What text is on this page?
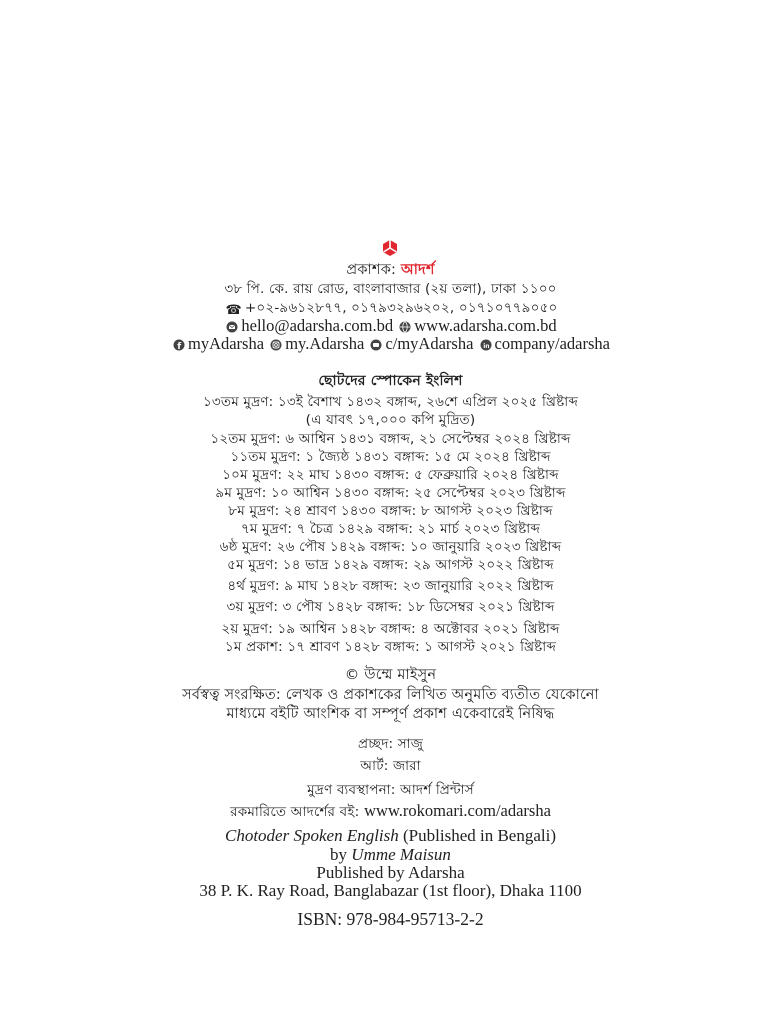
প্রকাশক: আদর্শ
৩৮ পি. কে. রায় রোড, বাংলাবাজার (২য় তলা), ঢাকা ১১০০
☎ +০২-৯৬১২৮৭৭, ০১৭৯৩২৯৬২০২, ০১৭১০৭৭৯০৫০
hello@adarsha.com.bd www.adarsha.com.bd
f myAdarsha my.Adarsha c/myAdarsha in company/adarsha
ছোটদের স্পোকেন ইংলিশ
১৩তম মুদ্রণ: ১৩ই বৈশাখ ১৪৩২ বঙ্গাব্দ, ২৬শে এপ্রিল ২০২৫ খ্রিষ্টাব্দ
(এ যাবৎ ১৭,০০০ কপি মুদ্রিত)
১২তম মুদ্রণ: ৬ আশ্বিন ১৪৩১ বঙ্গাব্দ, ২১ সেপ্টেম্বর ২০২৪ খ্রিষ্টাব্দ
১১তম মুদ্রণ: ১ জ্যৈষ্ঠ ১৪৩১ বঙ্গাব্দ: ১৫ মে ২০২৪ খ্রিষ্টাব্দ
১০ম মুদ্রণ: ২২ মাঘ ১৪৩০ বঙ্গাব্দ: ৫ ফেব্রুয়ারি ২০২৪ খ্রিষ্টাব্দ
৯ম মুদ্রণ: ১০ আশ্বিন ১৪৩০ বঙ্গাব্দ: ২৫ সেপ্টেম্বর ২০২৩ খ্রিষ্টাব্দ
৮ম মুদ্রণ: ২৪ শ্রাবণ ১৪৩০ বঙ্গাব্দ: ৮ আগস্ট ২০২৩ খ্রিষ্টাব্দ
৭ম মুদ্রণ: ৭ চৈত্র ১৪২৯ বঙ্গাব্দ: ২১ মার্চ ২০২৩ খ্রিষ্টাব্দ
৬ষ্ঠ মুদ্রণ: ২৬ পৌষ ১৪২৯ বঙ্গাব্দ: ১০ জানুয়ারি ২০২৩ খ্রিষ্টাব্দ
৫ম মুদ্রণ: ১৪ ভাদ্র ১৪২৯ বঙ্গাব্দ: ২৯ আগস্ট ২০২২ খ্রিষ্টাব্দ
৪র্থ মুদ্রণ: ৯ মাঘ ১৪২৮ বঙ্গাব্দ: ২৩ জানুয়ারি ২০২২ খ্রিষ্টাব্দ
৩য় মুদ্রণ: ৩ পৌষ ১৪২৮ বঙ্গাব্দ: ১৮ ডিসেম্বর ২০২১ খ্রিষ্টাব্দ
২য় মুদ্রণ: ১৯ আশ্বিন ১৪২৮ বঙ্গাব্দ: ৪ অক্টোবর ২০২১ খ্রিষ্টাব্দ
১ম প্রকাশ: ১৭ শ্রাবণ ১৪২৮ বঙ্গাব্দ: ১ আগস্ট ২০২১ খ্রিষ্টাব্দ
© উম্মে মাইসুন
সর্বস্বত্ব সংরক্ষিত: লেখক ও প্রকাশকের লিখিত অনুমতি ব্যতীত যেকোনো
মাধ্যমে বইটি আংশিক বা সম্পূর্ণ প্রকাশ একেবারেই নিষিদ্ধ
প্রচ্ছদ: সাজু
আর্ট: জারা
মুদ্রণ ব্যবস্থাপনা: আদর্শ প্রিন্টার্স
রকমারিতে আদর্শের বই: www.rokomari.com/adarsha
Chotoder Spoken English (Published in Bengali)
by Umme Maisun
Published by Adarsha
38 P. K. Ray Road, Banglabazar (1st floor), Dhaka 1100
ISBN: 978-984-95713-2-2
